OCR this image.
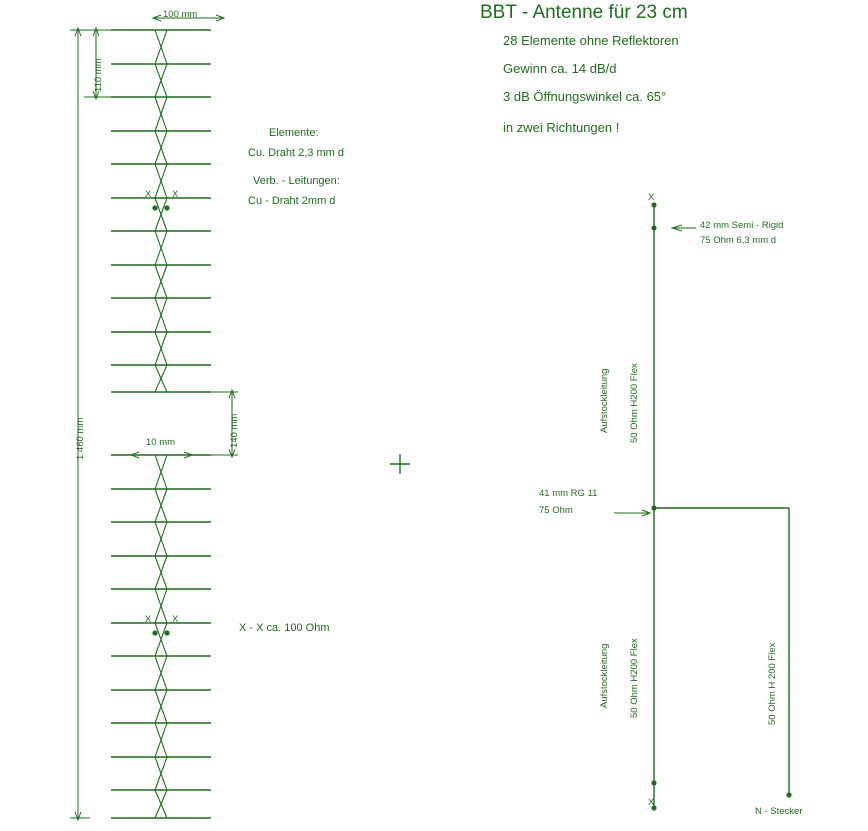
BBT - Antenne für 23 cm
28 Elemente ohne Reflektoren
Gewinn ca. 14 dB/d
3 dB Öffnungswinkel ca. 65°
in zwei Richtungen !
100 mm
110 mm
140 mm
10 mm
1 460 mm
Elemente:
Cu. Draht 2,3 mm d
Verb. - Leitungen:
Cu - Draht 2mm d
X - X ca. 100 Ohm
X X
X X
X
X
42 mm Semi - Rigid
75 Ohm 6,3 mm d
41 mm RG 11
75 Ohm
Aufstockleitung 50 Ohm H200 Flex
Aufstockleitung 50 Ohm H200 Flex	50 Ohm H 200 Flex
N - Stecker
